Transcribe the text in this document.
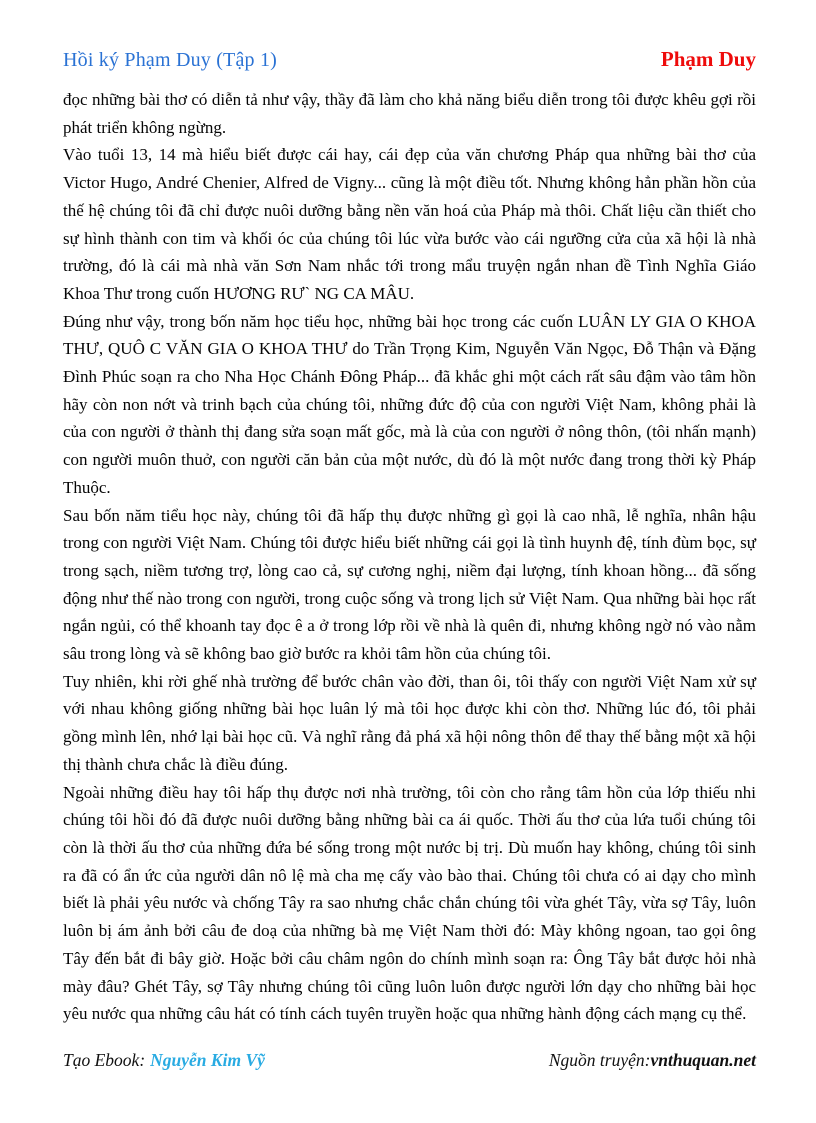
Hồi ký Phạm Duy (Tập 1)	Phạm Duy

đọc những bài thơ có diễn tả như vậy, thầy đã làm cho khả năng biểu diễn trong tôi được khêu gợi rồi phát triển không ngừng.

Vào tuổi 13, 14 mà hiểu biết được cái hay, cái đẹp của văn chương Pháp qua những bài thơ của Victor Hugo, André Chenier, Alfred de Vigny... cũng là một điều tốt. Nhưng không hẳn phần hồn của thế hệ chúng tôi đã chỉ được nuôi dưỡng bằng nền văn hoá của Pháp mà thôi. Chất liệu cần thiết cho sự hình thành con tim và khối óc của chúng tôi lúc vừa bước vào cái ngưỡng cửa của xã hội là nhà trường, đó là cái mà nhà văn Sơn Nam nhắc tới trong mẩu truyện ngắn nhan đề Tình Nghĩa Giáo Khoa Thư trong cuốn HƯƠNG RƯ` NG CA MÂU.

Đúng như vậy, trong bốn năm học tiểu học, những bài học trong các cuốn LUÂN LY GIA O KHOA THƯ, QUÔ C VĂN GIA O KHOA THƯ do Trần Trọng Kim, Nguyễn Văn Ngọc, Đỗ Thận và Đặng Đình Phúc soạn ra cho Nha Học Chánh Đông Pháp... đã khắc ghi một cách rất sâu đậm vào tâm hồn hãy còn non nớt và trinh bạch của chúng tôi, những đức độ của con người Việt Nam, không phải là của con người ở thành thị đang sửa soạn mất gốc, mà là của con người ở nông thôn, (tôi nhấn mạnh) con người muôn thuở, con người căn bản của một nước, dù đó là một nước đang trong thời kỳ Pháp Thuộc.

Sau bốn năm tiểu học này, chúng tôi đã hấp thụ được những gì gọi là cao nhã, lễ nghĩa, nhân hậu trong con người Việt Nam. Chúng tôi được hiểu biết những cái gọi là tình huynh đệ, tính đùm bọc, sự trong sạch, niềm tương trợ, lòng cao cả, sự cương nghị, niềm đại lượng, tính khoan hồng... đã sống động như thế nào trong con người, trong cuộc sống và trong lịch sử Việt Nam. Qua những bài học rất ngắn ngủi, có thể khoanh tay đọc ê a ở trong lớp rồi về nhà là quên đi, nhưng không ngờ nó vào nằm sâu trong lòng và sẽ không bao giờ bước ra khỏi tâm hồn của chúng tôi.

Tuy nhiên, khi rời ghế nhà trường để bước chân vào đời, than ôi, tôi thấy con người Việt Nam xử sự với nhau không giống những bài học luân lý mà tôi học được khi còn thơ. Những lúc đó, tôi phải gồng mình lên, nhớ lại bài học cũ. Và nghĩ rằng đả phá xã hội nông thôn để thay thế bằng một xã hội thị thành chưa chắc là điều đúng.

Ngoài những điều hay tôi hấp thụ được nơi nhà trường, tôi còn cho rằng tâm hồn của lớp thiếu nhi chúng tôi hồi đó đã được nuôi dưỡng bằng những bài ca ái quốc. Thời ấu thơ của lứa tuổi chúng tôi còn là thời ấu thơ của những đứa bé sống trong một nước bị trị. Dù muốn hay không, chúng tôi sinh ra đã có ẩn ức của người dân nô lệ mà cha mẹ cấy vào bào thai. Chúng tôi chưa có ai dạy cho mình biết là phải yêu nước và chống Tây ra sao nhưng chắc chắn chúng tôi vừa ghét Tây, vừa sợ Tây, luôn luôn bị ám ảnh bởi câu đe doạ của những bà mẹ Việt Nam thời đó: Mày không ngoan, tao gọi ông Tây đến bắt đi bây giờ. Hoặc bởi câu châm ngôn do chính mình soạn ra: Ông Tây bắt được hỏi nhà mày đâu? Ghét Tây, sợ Tây nhưng chúng tôi cũng luôn luôn được người lớn dạy cho những bài học yêu nước qua những câu hát có tính cách tuyên truyền hoặc qua những hành động cách mạng cụ thể.

Tạo Ebook: Nguyễn Kim Vỹ	Nguồn truyện:vnthuquan.net
